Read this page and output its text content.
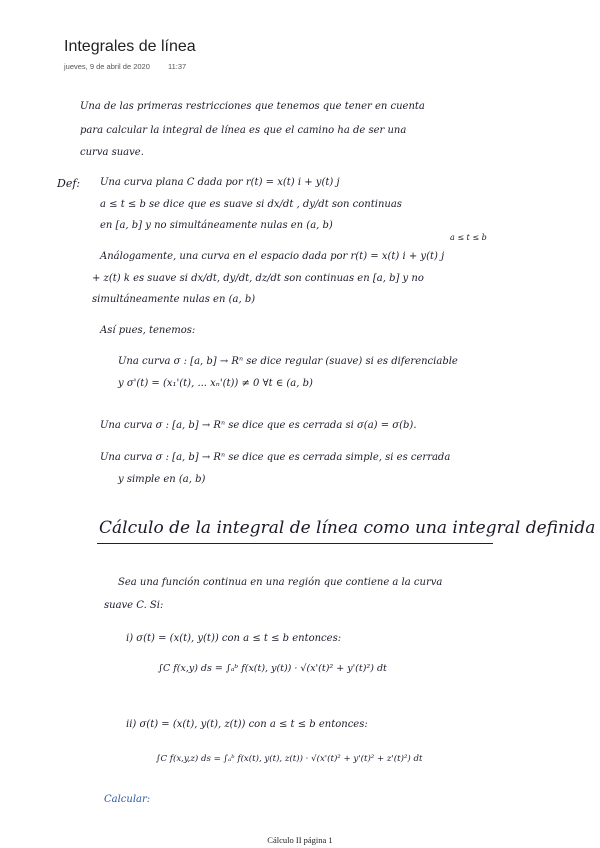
Integrales de línea
jueves, 9 de abril de 2020 11:37
Una de las primeras restricciones que tenemos que tener en cuenta
para calcular la integral de línea es que el camino ha de ser una
curva suave.
Def: Una curva plana C dada por r(t) = x(t) i + y(t) j
a ≤ t ≤ b se dice que es suave si dx/dt , dy/dt son continuas
en [a, b] y no simultáneamente nulas en (a, b)
a ≤ t ≤ b
Análogamente, una curva en el espacio dada por r(t) = x(t) i + y(t) j
+ z(t) k es suave si dx/dt, dy/dt, dz/dt son continuas en [a, b] y no
simultáneamente nulas en (a, b)
Así pues, tenemos:
Una curva σ : [a, b] → Rⁿ se dice regular (suave) si es diferenciable
y σ'(t) = (x₁'(t), ... xₙ'(t)) ≠ 0 ∀t ∈ (a, b)
Una curva σ : [a, b] → Rⁿ se dice que es cerrada si σ(a) = σ(b).
Una curva σ : [a, b] → Rⁿ se dice que es cerrada simple, si es cerrada
y simple en (a, b)
Cálculo de la integral de línea como una integral definida
Sea una función continua en una región que contiene a la curva
suave C. Si:
i) σ(t) = (x(t), y(t)) con a ≤ t ≤ b entonces:
∫C f(x,y) ds = ∫ₐᵇ f(x(t), y(t)) · √(x'(t)² + y'(t)²) dt
ii) σ(t) = (x(t), y(t), z(t)) con a ≤ t ≤ b entonces:
∫C f(x,y,z) ds = ∫ₐᵇ f(x(t), y(t), z(t)) · √(x'(t)² + y'(t)² + z'(t)²) dt
Calcular:
Cálculo II página 1
